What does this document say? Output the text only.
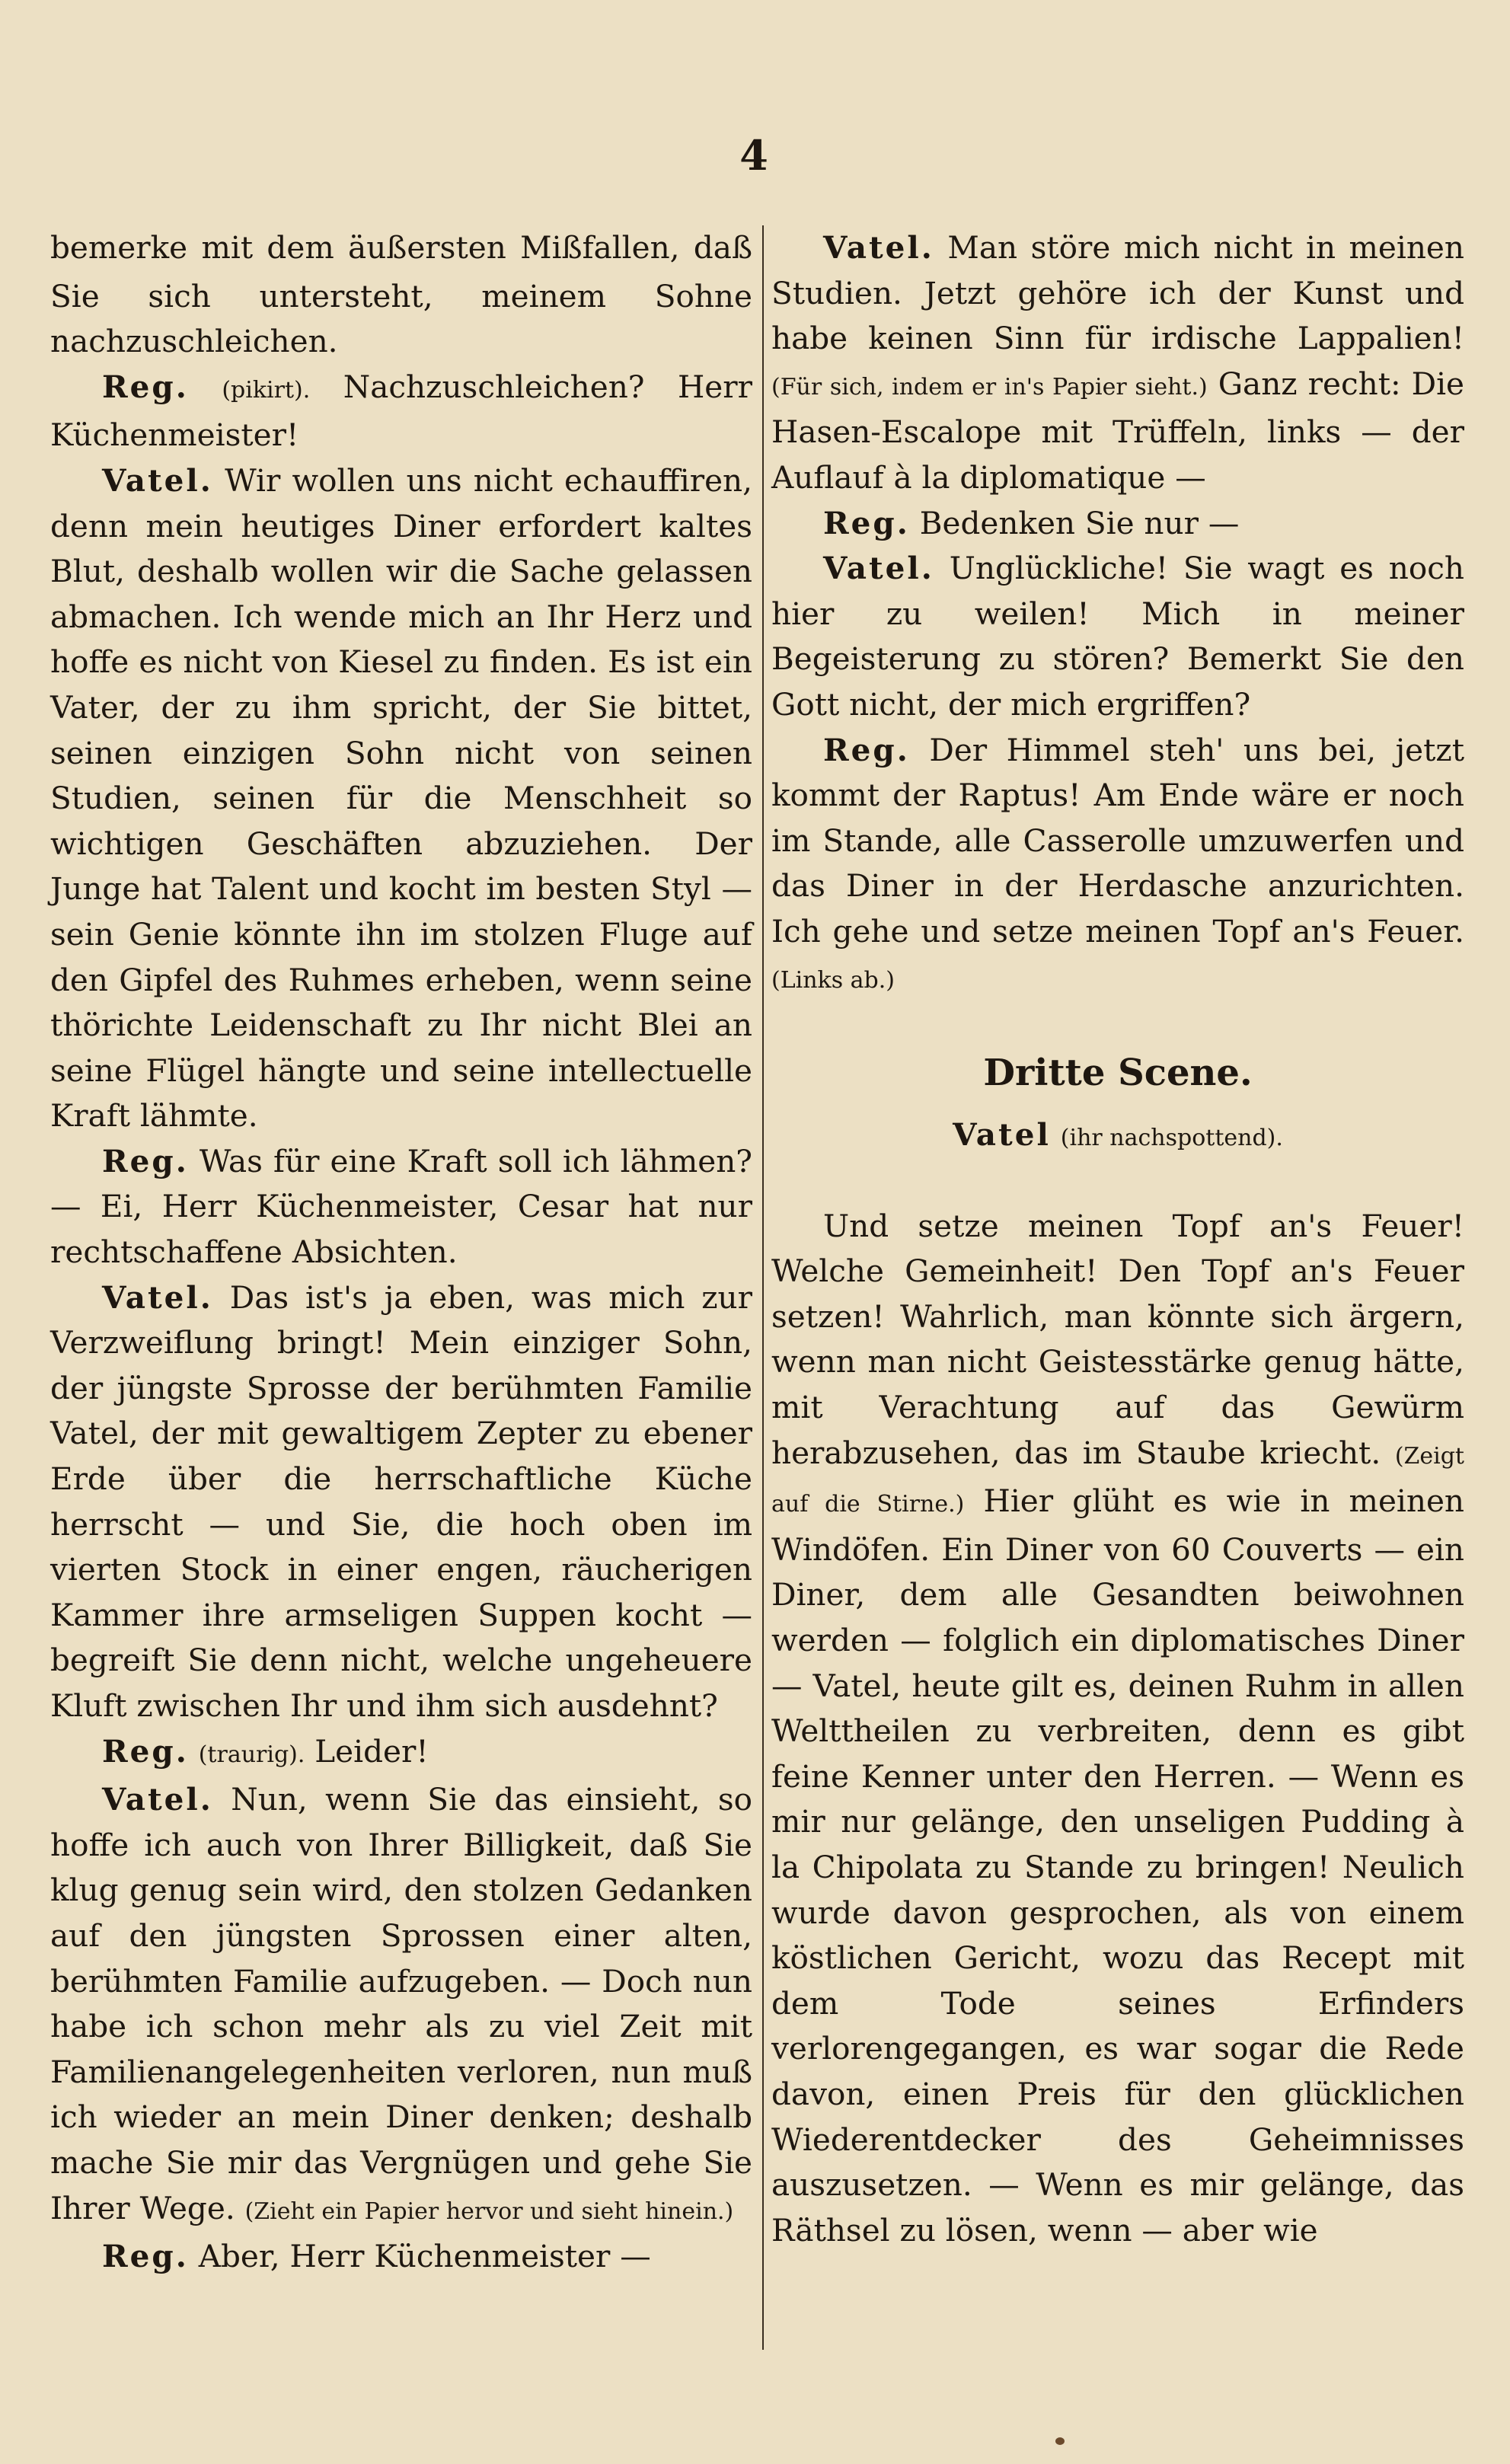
4

bemerke mit dem äußersten Mißfallen, daß Sie sich untersteht, meinem Sohne nachzuschleichen.

Reg. (pikirt). Nachzuschleichen? Herr Küchenmeister!

Vatel. Wir wollen uns nicht echauffiren, denn mein heutiges Diner erfordert kaltes Blut, deshalb wollen wir die Sache gelassen abmachen. Ich wende mich an Ihr Herz und hoffe es nicht von Kiesel zu finden. Es ist ein Vater, der zu ihm spricht, der Sie bittet, seinen einzigen Sohn nicht von seinen Studien, seinen für die Menschheit so wichtigen Geschäften abzuziehen. Der Junge hat Talent und kocht im besten Styl — sein Genie könnte ihn im stolzen Fluge auf den Gipfel des Ruhmes erheben, wenn seine thörichte Leidenschaft zu Ihr nicht Blei an seine Flügel hängte und seine intellectuelle Kraft lähmte.

Reg. Was für eine Kraft soll ich lähmen? — Ei, Herr Küchenmeister, Cesar hat nur rechtschaffene Absichten.

Vatel. Das ist's ja eben, was mich zur Verzweiflung bringt! Mein einziger Sohn, der jüngste Sprosse der berühmten Familie Vatel, der mit gewaltigem Zepter zu ebener Erde über die herrschaftliche Küche herrscht — und Sie, die hoch oben im vierten Stock in einer engen, räucherigen Kammer ihre armseligen Suppen kocht — begreift Sie denn nicht, welche ungeheuere Kluft zwischen Ihr und ihm sich ausdehnt?

Reg. (traurig). Leider!

Vatel. Nun, wenn Sie das einsieht, so hoffe ich auch von Ihrer Billigkeit, daß Sie klug genug sein wird, den stolzen Gedanken auf den jüngsten Sprossen einer alten, berühmten Familie aufzugeben. — Doch nun habe ich schon mehr als zu viel Zeit mit Familienangelegenheiten verloren, nun muß ich wieder an mein Diner denken; deshalb mache Sie mir das Vergnügen und gehe Sie Ihrer Wege. (Zieht ein Papier hervor und sieht hinein.)

Reg. Aber, Herr Küchenmeister —

Vatel. Man störe mich nicht in meinen Studien. Jetzt gehöre ich der Kunst und habe keinen Sinn für irdische Lappalien! (Für sich, indem er in's Papier sieht.) Ganz recht: Die Hasen-Escalope mit Trüffeln, links — der Auflauf à la diplomatique —

Reg. Bedenken Sie nur —

Vatel. Unglückliche! Sie wagt es noch hier zu weilen! Mich in meiner Begeisterung zu stören? Bemerkt Sie den Gott nicht, der mich ergriffen?

Reg. Der Himmel steh' uns bei, jetzt kommt der Raptus! Am Ende wäre er noch im Stande, alle Casserolle umzuwerfen und das Diner in der Herdasche anzurichten. Ich gehe und setze meinen Topf an's Feuer. (Links ab.)

Dritte Scene.
Vatel (ihr nachspottend).

Und setze meinen Topf an's Feuer! Welche Gemeinheit! Den Topf an's Feuer setzen! Wahrlich, man könnte sich ärgern, wenn man nicht Geistesstärke genug hätte, mit Verachtung auf das Gewürm herabzusehen, das im Staube kriecht. (Zeigt auf die Stirne.) Hier glüht es wie in meinen Windöfen. Ein Diner von 60 Couverts — ein Diner, dem alle Gesandten beiwohnen werden — folglich ein diplomatisches Diner — Vatel, heute gilt es, deinen Ruhm in allen Welttheilen zu verbreiten, denn es gibt feine Kenner unter den Herren. — Wenn es mir nur gelänge, den unseligen Pudding à la Chipolata zu Stande zu bringen! Neulich wurde davon gesprochen, als von einem köstlichen Gericht, wozu das Recept mit dem Tode seines Erfinders verlorengegangen, es war sogar die Rede davon, einen Preis für den glücklichen Wiederentdecker des Geheimnisses auszusetzen. — Wenn es mir gelänge, das Räthsel zu lösen, wenn — aber wie
